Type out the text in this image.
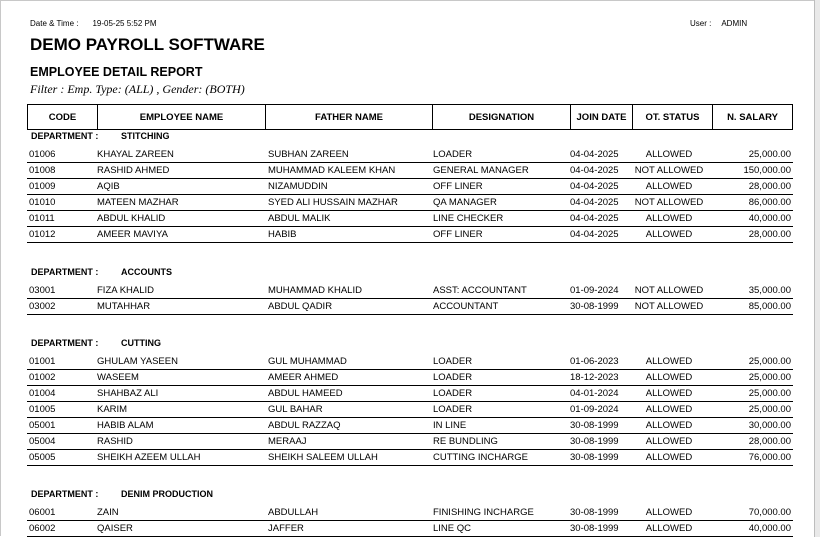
Date & Time : 19-05-25 5:52 PM	User : ADMIN
DEMO PAYROLL SOFTWARE
EMPLOYEE DETAIL REPORT
Filter : Emp. Type: (ALL) , Gender: (BOTH)
CODE	EMPLOYEE NAME	FATHER NAME	DESIGNATION	JOIN DATE	OT. STATUS	N. SALARY
DEPARTMENT :	STITCHING
01006	KHAYAL ZAREEN	SUBHAN ZAREEN	LOADER	04-04-2025	ALLOWED	25,000.00
01008	RASHID AHMED	MUHAMMAD KALEEM KHAN	GENERAL MANAGER	04-04-2025	NOT ALLOWED	150,000.00
01009	AQIB	NIZAMUDDIN	OFF LINER	04-04-2025	ALLOWED	28,000.00
01010	MATEEN MAZHAR	SYED ALI HUSSAIN MAZHAR	QA MANAGER	04-04-2025	NOT ALLOWED	86,000.00
01011	ABDUL KHALID	ABDUL MALIK	LINE CHECKER	04-04-2025	ALLOWED	40,000.00
01012	AMEER MAVIYA	HABIB	OFF LINER	04-04-2025	ALLOWED	28,000.00
DEPARTMENT :	ACCOUNTS
03001	FIZA KHALID	MUHAMMAD KHALID	ASST: ACCOUNTANT	01-09-2024	NOT ALLOWED	35,000.00
03002	MUTAHHAR	ABDUL QADIR	ACCOUNTANT	30-08-1999	NOT ALLOWED	85,000.00
DEPARTMENT :	CUTTING
01001	GHULAM YASEEN	GUL MUHAMMAD	LOADER	01-06-2023	ALLOWED	25,000.00
01002	WASEEM	AMEER AHMED	LOADER	18-12-2023	ALLOWED	25,000.00
01004	SHAHBAZ ALI	ABDUL HAMEED	LOADER	04-01-2024	ALLOWED	25,000.00
01005	KARIM	GUL BAHAR	LOADER	01-09-2024	ALLOWED	25,000.00
05001	HABIB ALAM	ABDUL RAZZAQ	IN LINE	30-08-1999	ALLOWED	30,000.00
05004	RASHID	MERAAJ	RE BUNDLING	30-08-1999	ALLOWED	28,000.00
05005	SHEIKH AZEEM ULLAH	SHEIKH SALEEM ULLAH	CUTTING INCHARGE	30-08-1999	ALLOWED	76,000.00
DEPARTMENT :	DENIM PRODUCTION
06001	ZAIN	ABDULLAH	FINISHING INCHARGE	30-08-1999	ALLOWED	70,000.00
06002	QAISER	JAFFER	LINE QC	30-08-1999	ALLOWED	40,000.00
